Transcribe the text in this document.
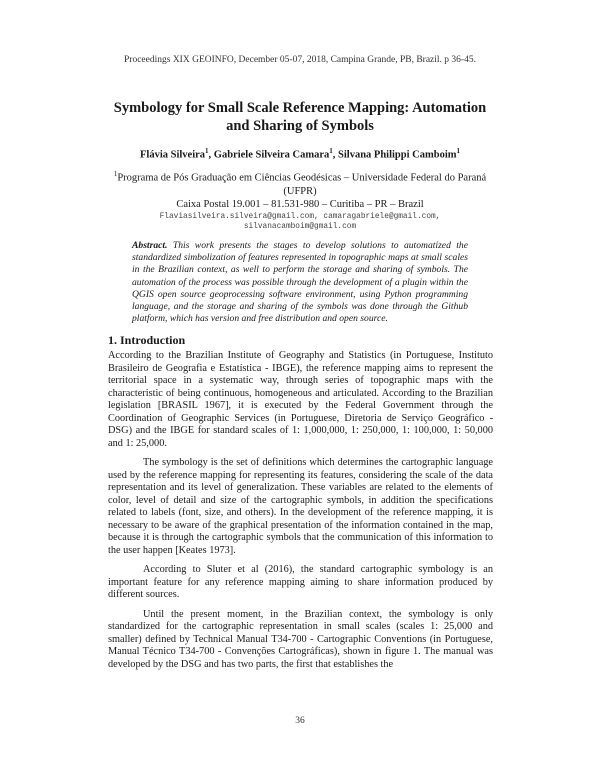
Proceedings XIX GEOINFO, December 05-07, 2018, Campina Grande, PB, Brazil. p 36-45.
Symbology for Small Scale Reference Mapping: Automation
and Sharing of Symbols
Flávia Silveira$^1$, Gabriele Silveira Camara$^1$, Silvana Philippi Camboim$^1$
$^1$Programa de Pós Graduação em Ciências Geodésicas – Universidade Federal do Paraná
(UFPR)
Caixa Postal 19.001 – 81.531-980 – Curitiba – PR – Brazil
Flaviasilveira.silveira@gmail.com, camaragabriele@gmail.com,
silvanacamboim@gmail.com
Abstract. This work presents the stages to develop solutions to automatized the standardized simbolization of features represented in topographic maps at small scales in the Brazilian context, as well to perform the storage and sharing of symbols. The automation of the process was possible through the development of a plugin within the QGIS open source geoprocessing software environment, using Python programming language, and the storage and sharing of the symbols was done through the Github platform, which has version and free distribution and open source.
1. Introduction

According to the Brazilian Institute of Geography and Statistics (in Portuguese, Instituto Brasileiro de Geografia e Estatística - IBGE), the reference mapping aims to represent the territorial space in a systematic way, through series of topographic maps with the characteristic of being continuous, homogeneous and articulated. According to the Brazilian legislation [BRASIL 1967], it is executed by the Federal Government through the Coordination of Geographic Services (in Portuguese, Diretoria de Serviço Geográfico - DSG) and the IBGE for standard scales of 1: 1,000,000, 1: 250,000, 1: 100,000, 1: 50,000 and 1: 25,000.

The symbology is the set of definitions which determines the cartographic language used by the reference mapping for representing its features, considering the scale of the data representation and its level of generalization. These variables are related to the elements of color, level of detail and size of the cartographic symbols, in addition the specifications related to labels (font, size, and others). In the development of the reference mapping, it is necessary to be aware of the graphical presentation of the information contained in the map, because it is through the cartographic symbols that the communication of this information to the user happen [Keates 1973].

According to Sluter et al (2016), the standard cartographic symbology is an important feature for any reference mapping aiming to share information produced by different sources.

Until the present moment, in the Brazilian context, the symbology is only standardized for the cartographic representation in small scales (scales 1: 25,000 and smaller) defined by Technical Manual T34-700 - Cartographic Conventions (in Portuguese, Manual Técnico T34-700 - Convenções Cartográficas), shown in figure 1. The manual was developed by the DSG and has two parts, the first that establishes the

36
